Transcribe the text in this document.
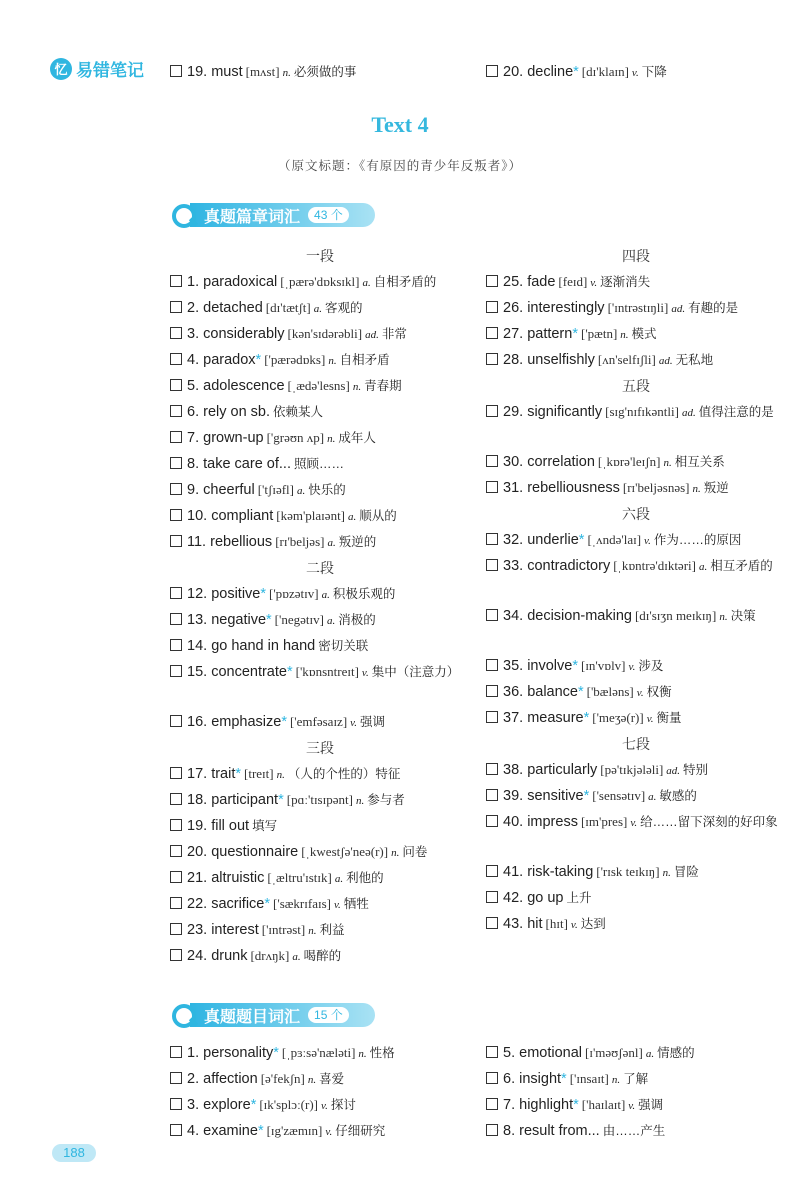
忆 易错笔记	19. must [mʌst] n. 必须做的事	20. decline* [dɪ'klaɪn] v. 下降
Text 4
（原文标题：《有原因的青少年反叛者》）
真题篇章词汇	43 个
一段
1. paradoxical [ˌpærə'dɒksɪkl] a. 自相矛盾的
2. detached [dɪ'tætʃt] a. 客观的
3. considerably [kən'sɪdərəbli] ad. 非常
4. paradox* ['pærədɒks] n. 自相矛盾
5. adolescence [ˌædə'lesns] n. 青春期
6. rely on sb. 依赖某人
7. grown-up ['grəʊn ʌp] n. 成年人
8. take care of... 照顾……
9. cheerful ['tʃɪəfl] a. 快乐的
10. compliant [kəm'plaɪənt] a. 顺从的
11. rebellious [rɪ'beljəs] a. 叛逆的
二段
12. positive* ['pɒzətɪv] a. 积极乐观的
13. negative* ['negətɪv] a. 消极的
14. go hand in hand 密切关联
15. concentrate* ['kɒnsntreɪt] v. 集中（注意力）
16. emphasize* ['emfəsaɪz] v. 强调
三段
17. trait* [treɪt] n. （人的个性的）特征
18. participant* [pɑː'tɪsɪpənt] n. 参与者
19. fill out 填写
20. questionnaire [ˌkwestʃə'neə(r)] n. 问卷
21. altruistic [ˌæltru'ɪstɪk] a. 利他的
22. sacrifice* ['sækrɪfaɪs] v. 牺牲
23. interest ['ɪntrəst] n. 利益
24. drunk [drʌŋk] a. 喝醉的
四段
25. fade [feɪd] v. 逐渐消失
26. interestingly ['ɪntrəstɪŋli] ad. 有趣的是
27. pattern* ['pætn] n. 模式
28. unselfishly [ʌn'selfɪʃli] ad. 无私地
五段
29. significantly [sɪg'nɪfɪkəntli] ad. 值得注意的是
30. correlation [ˌkɒrə'leɪʃn] n. 相互关系
31. rebelliousness [rɪ'beljəsnəs] n. 叛逆
六段
32. underlie* [ˌʌndə'laɪ] v. 作为……的原因
33. contradictory [ˌkɒntrə'dɪktəri] a. 相互矛盾的
34. decision-making [dɪ'sɪʒn meɪkɪŋ] n. 决策
35. involve* [ɪn'vɒlv] v. 涉及
36. balance* ['bæləns] v. 权衡
37. measure* ['meʒə(r)] v. 衡量
七段
38. particularly [pə'tɪkjələli] ad. 特别
39. sensitive* ['sensətɪv] a. 敏感的
40. impress [ɪm'pres] v. 给……留下深刻的好印象
41. risk-taking ['rɪsk teɪkɪŋ] n. 冒险
42. go up 上升
43. hit [hɪt] v. 达到
真题题目词汇	15 个
1. personality* [ˌpɜːsə'næləti] n. 性格
2. affection [ə'fekʃn] n. 喜爱
3. explore* [ɪk'splɔː(r)] v. 探讨
4. examine* [ɪg'zæmɪn] v. 仔细研究
5. emotional [ɪ'məʊʃənl] a. 情感的
6. insight* ['ɪnsaɪt] n. 了解
7. highlight* ['haɪlaɪt] v. 强调
8. result from... 由……产生
188
